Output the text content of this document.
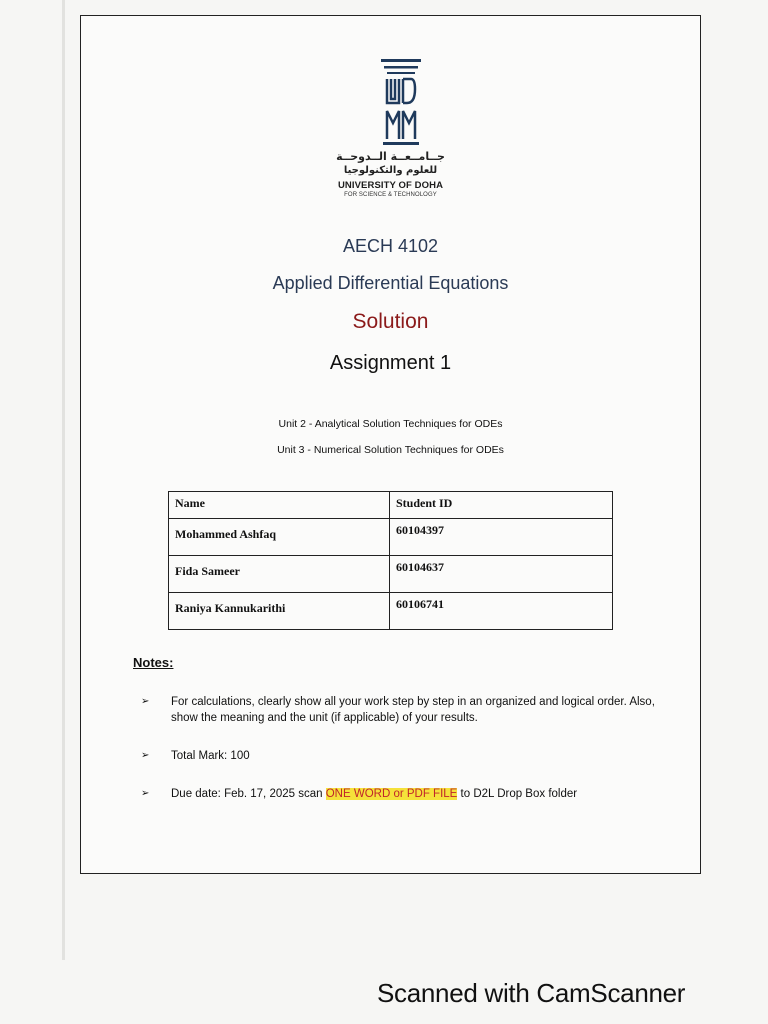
جــامــعــة الــدوحــة
للعلوم والتكنولوجيا
UNIVERSITY OF DOHA
FOR SCIENCE & TECHNOLOGY
AECH 4102
Applied Differential Equations
Solution
Assignment 1
Unit 2 - Analytical Solution Techniques for ODEs
Unit 3 - Numerical Solution Techniques for ODEs
Name	Student ID
Mohammed Ashfaq	60104397
Fida Sameer	60104637
Raniya Kannukarithi	60106741
Notes:
➢ For calculations, clearly show all your work step by step in an organized and logical order. Also, show the meaning and the unit (if applicable) of your results.
➢ Total Mark: 100
➢ Due date: Feb. 17, 2025 scan ONE WORD or PDF FILE to D2L Drop Box folder
Scanned with CamScanner
